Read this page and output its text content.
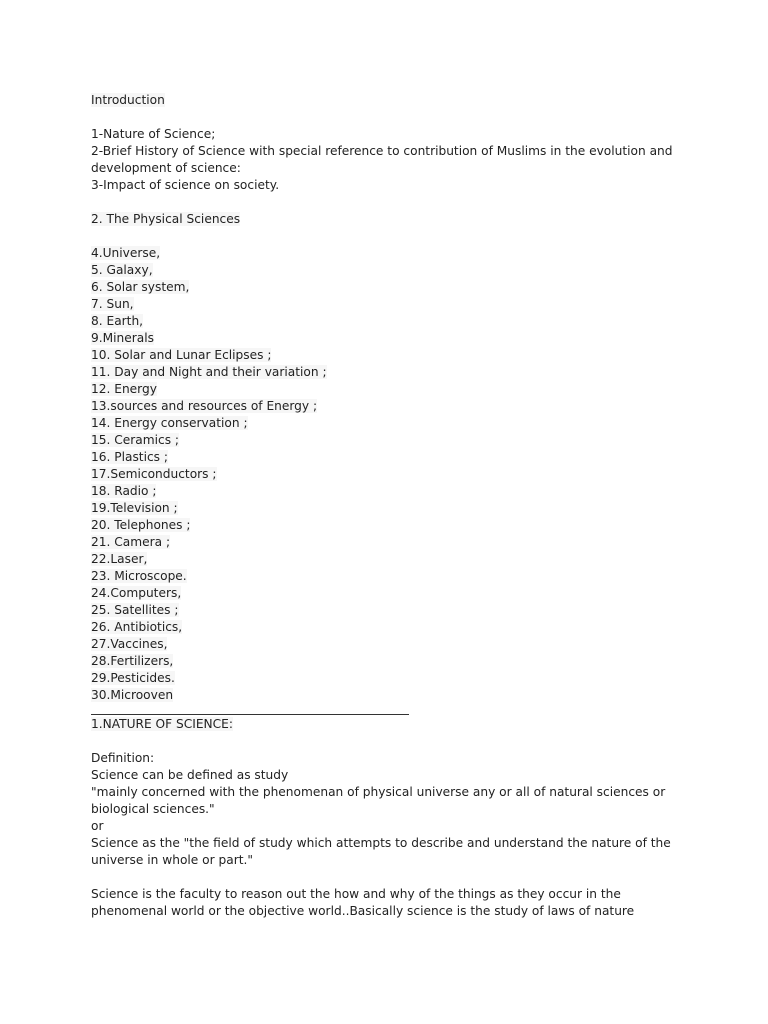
Introduction
1-Nature of Science;
2-Brief History of Science with special reference to contribution of Muslims in the evolution and development of science:
3-Impact of science on society.
2. The Physical Sciences
4.Universe,
5. Galaxy,
6. Solar system,
7. Sun,
8. Earth,
9.Minerals
10. Solar and Lunar Eclipses ;
11. Day and Night and their variation ;
12. Energy
13.sources and resources of Energy ;
14. Energy conservation ;
15. Ceramics ;
16. Plastics ;
17.Semiconductors ;
18. Radio ;
19.Television ;
20. Telephones ;
21. Camera ;
22.Laser,
23. Microscope.
24.Computers,
25. Satellites ;
26. Antibiotics,
27.Vaccines,
28.Fertilizers,
29.Pesticides.
30.Microoven
1.NATURE OF SCIENCE:
Definition:
Science can be defined as study
"mainly concerned with the phenomenan of physical universe any or all of natural sciences or biological sciences."
or
Science as the "the field of study which attempts to describe and understand the nature of the universe in whole or part."
Science is the faculty to reason out the how and why of the things as they occur in the phenomenal world or the objective world..Basically science is the study of laws of nature
